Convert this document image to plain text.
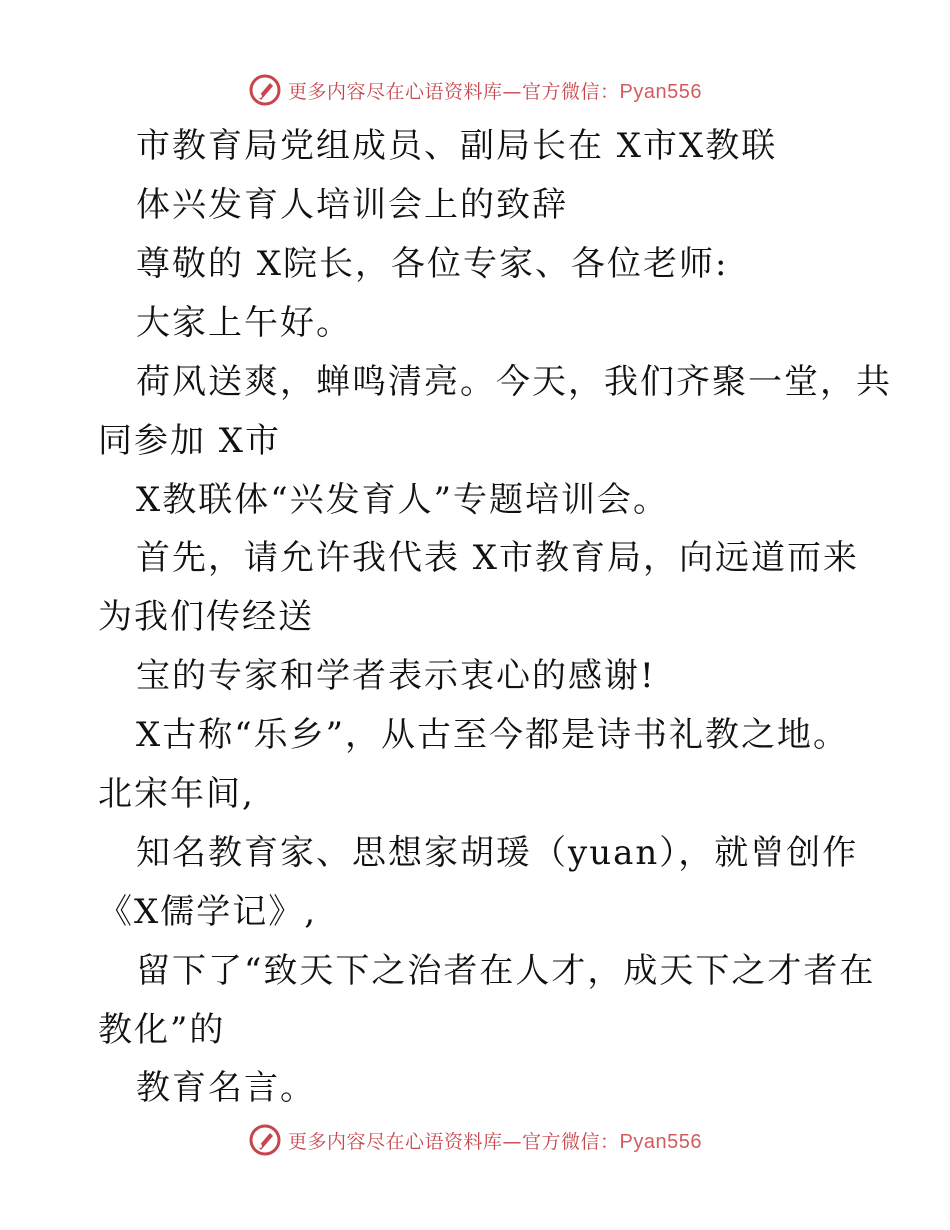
更多内容尽在心语资料库—官方微信：Pyan556
市教育局党组成员、副局长在 X市X教联
体兴发育人培训会上的致辞
尊敬的 X院长，各位专家、各位老师:
大家上午好。
荷风送爽，蝉鸣清亮。今天，我们齐聚一堂，共
同参加 X市
X教联体“兴发育人”专题培训会。
首先，请允许我代表 X市教育局，向远道而来
为我们传经送
宝的专家和学者表示衷心的感谢!
X古称“乐乡”，从古至今都是诗书礼教之地。
北宋年间,
知名教育家、思想家胡瑗（yuan），就曾创作
《X儒学记》,
留下了“致天下之治者在人才，成天下之才者在
教化”的
教育名言。
更多内容尽在心语资料库—官方微信：Pyan556
